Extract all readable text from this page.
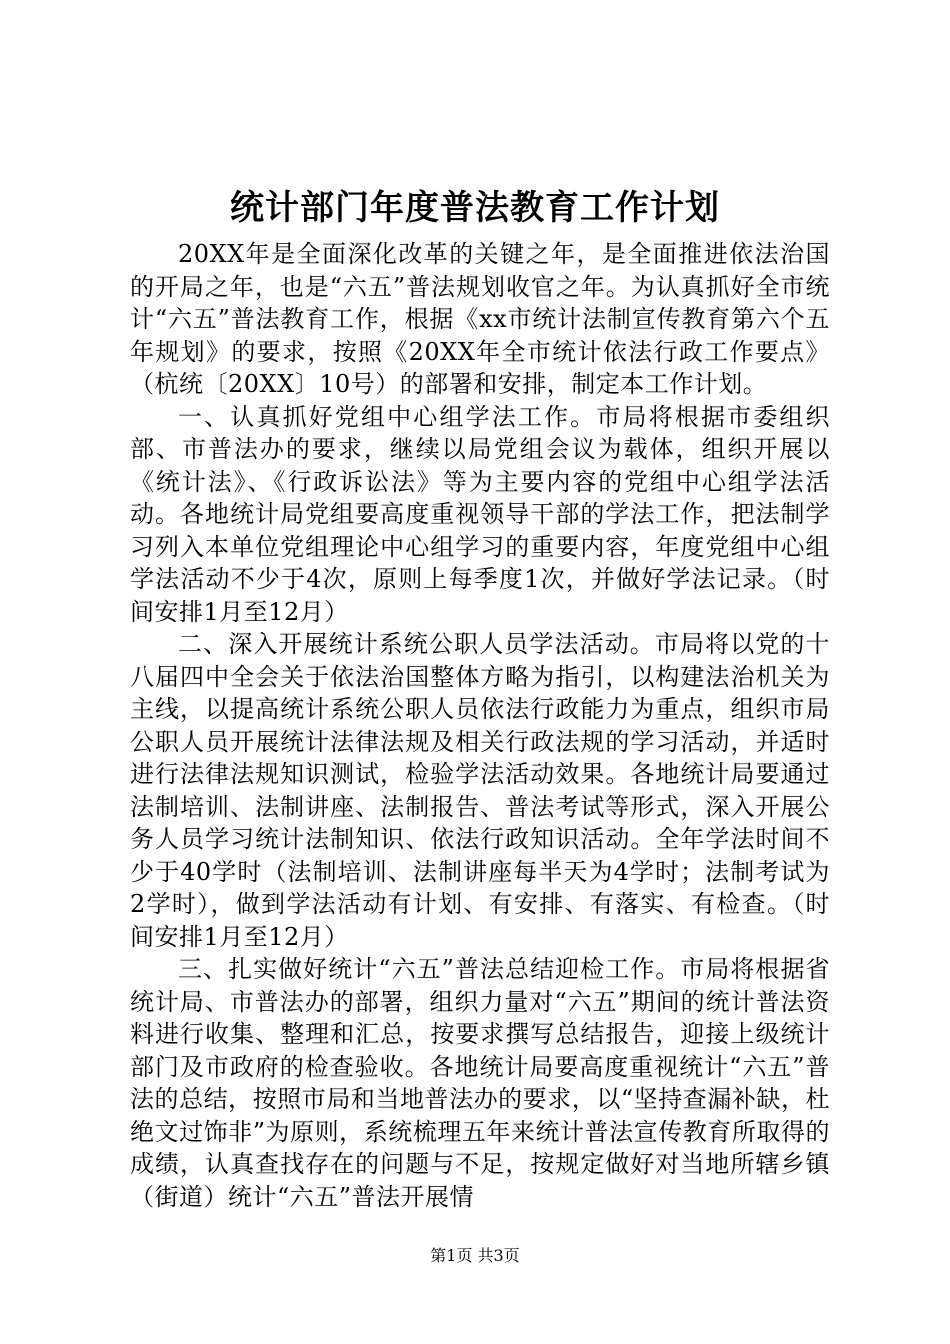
统计部门年度普法教育工作计划

20XX年是全面深化改革的关键之年，是全面推进依法治国的开局之年，也是“六五”普法规划收官之年。为认真抓好全市统计“六五”普法教育工作，根据《xx市统计法制宣传教育第六个五年规划》的要求，按照《20XX年全市统计依法行政工作要点》（杭统〔20XX〕10号）的部署和安排，制定本工作计划。

一、认真抓好党组中心组学法工作。市局将根据市委组织部、市普法办的要求，继续以局党组会议为载体，组织开展以《统计法》、《行政诉讼法》等为主要内容的党组中心组学法活动。各地统计局党组要高度重视领导干部的学法工作，把法制学习列入本单位党组理论中心组学习的重要内容，年度党组中心组学法活动不少于4次，原则上每季度1次，并做好学法记录。（时间安排1月至12月）

二、深入开展统计系统公职人员学法活动。市局将以党的十八届四中全会关于依法治国整体方略为指引，以构建法治机关为主线，以提高统计系统公职人员依法行政能力为重点，组织市局公职人员开展统计法律法规及相关行政法规的学习活动，并适时进行法律法规知识测试，检验学法活动效果。各地统计局要通过法制培训、法制讲座、法制报告、普法考试等形式，深入开展公务人员学习统计法制知识、依法行政知识活动。全年学法时间不少于40学时（法制培训、法制讲座每半天为4学时；法制考试为2学时），做到学法活动有计划、有安排、有落实、有检查。（时间安排1月至12月）

三、扎实做好统计“六五”普法总结迎检工作。市局将根据省统计局、市普法办的部署，组织力量对“六五”期间的统计普法资料进行收集、整理和汇总，按要求撰写总结报告，迎接上级统计部门及市政府的检查验收。各地统计局要高度重视统计“六五”普法的总结，按照市局和当地普法办的要求，以“坚持查漏补缺，杜绝文过饰非”为原则，系统梳理五年来统计普法宣传教育所取得的成绩，认真查找存在的问题与不足，按规定做好对当地所辖乡镇（街道）统计“六五”普法开展情

第1页 共3页
